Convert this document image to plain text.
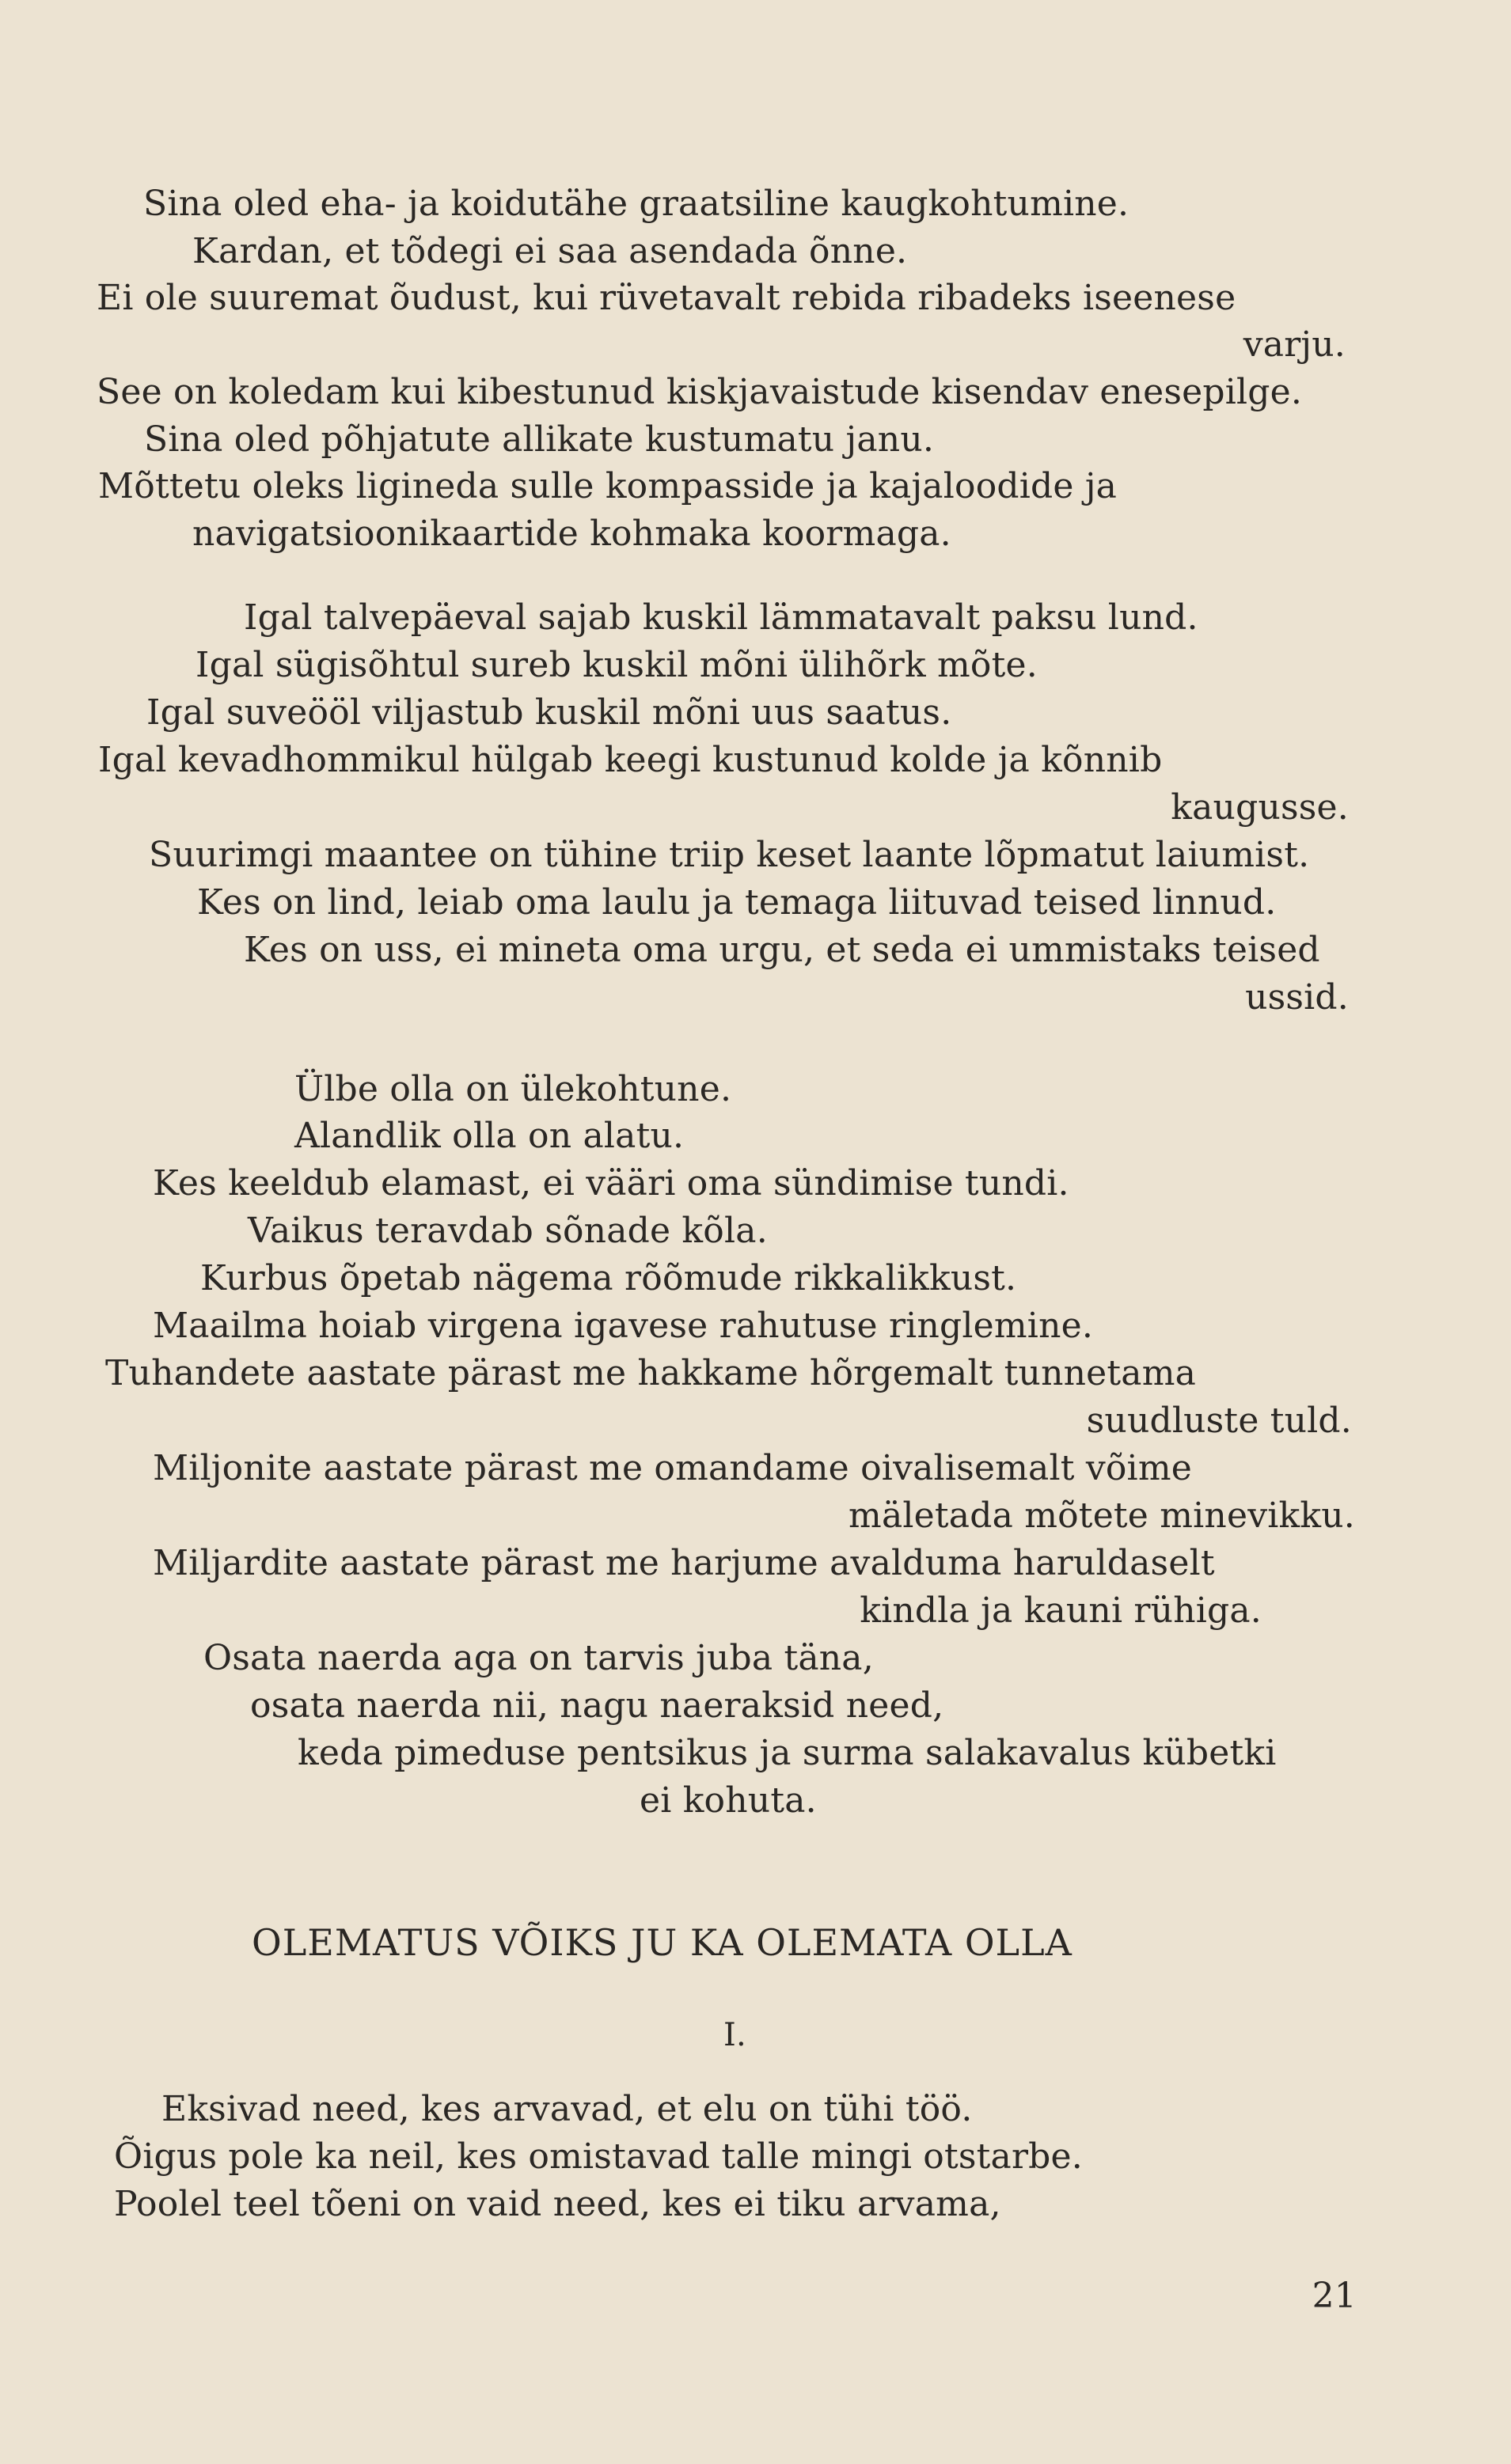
Sina oled eha- ja koidutähe graatsiline kaugkohtumine.
Kardan, et tõdegi ei saa asendada õnne.
Ei ole suuremat õudust, kui rüvetavalt rebida ribadeks iseenese
varju.
See on koledam kui kibestunud kiskjavaistude kisendav enesepilge.
Sina oled põhjatute allikate kustumatu janu.
Mõttetu oleks ligineda sulle kompasside ja kajaloodide ja
navigatsioonikaartide kohmaka koormaga.
Igal talvepäeval sajab kuskil lämmatavalt paksu lund.
Igal sügisõhtul sureb kuskil mõni ülihõrk mõte.
Igal suveööl viljastub kuskil mõni uus saatus.
Igal kevadhommikul hülgab keegi kustunud kolde ja kõnnib
kaugusse.
Suurimgi maantee on tühine triip keset laante lõpmatut laiumist.
Kes on lind, leiab oma laulu ja temaga liituvad teised linnud.
Kes on uss, ei mineta oma urgu, et seda ei ummistaks teised
ussid.
Ülbe olla on ülekohtune.
Alandlik olla on alatu.
Kes keeldub elamast, ei vääri oma sündimise tundi.
Vaikus teravdab sõnade kõla.
Kurbus õpetab nägema rõõmude rikkalikkust.
Maailma hoiab virgena igavese rahutuse ringlemine.
Tuhandete aastate pärast me hakkame hõrgemalt tunnetama
suudluste tuld.
Miljonite aastate pärast me omandame oivalisemalt võime
mäletada mõtete minevikku.
Miljardite aastate pärast me harjume avalduma haruldaselt
kindla ja kauni rühiga.
Osata naerda aga on tarvis juba täna,
osata naerda nii, nagu naeraksid need,
keda pimeduse pentsikus ja surma salakavalus kübetki
ei kohuta.
OLEMATUS VÕIKS JU KA OLEMATA OLLA
I.
Eksivad need, kes arvavad, et elu on tühi töö.
Õigus pole ka neil, kes omistavad talle mingi otstarbe.
Poolel teel tõeni on vaid need, kes ei tiku arvama,
21
